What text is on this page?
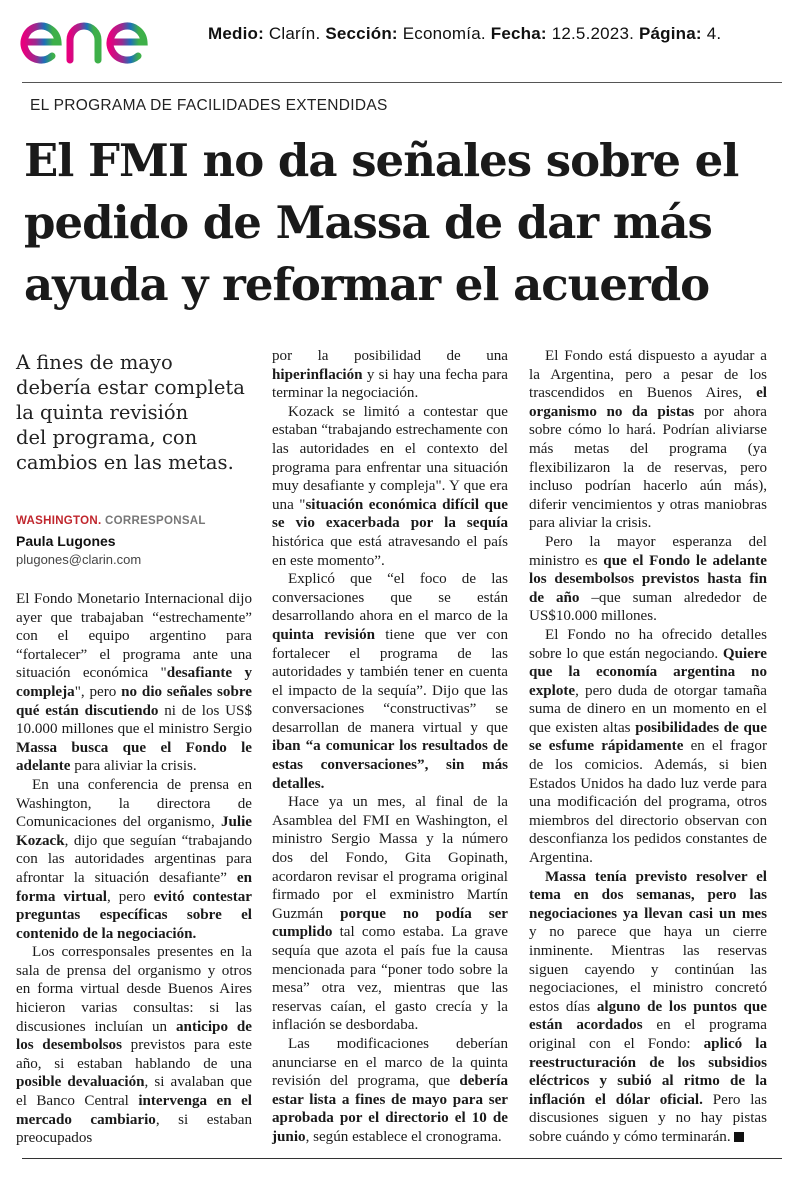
Medio: Clarín. Sección: Economía. Fecha: 12.5.2023. Página: 4.
EL PROGRAMA DE FACILIDADES EXTENDIDAS
El FMI no da señales sobre el
pedido de Massa de dar más
ayuda y reformar el acuerdo
A fines de mayo
debería estar completa
la quinta revisión
del programa, con
cambios en las metas.
WASHINGTON. CORRESPONSAL
Paula Lugones
plugones@clarin.com

El Fondo Monetario Internacional dijo ayer que trabajaban “estrechamente” con el equipo argentino para “fortalecer” el programa ante una situación económica "desafiante y compleja", pero no dio señales sobre qué están discutiendo ni de los US$ 10.000 millones que el ministro Sergio Massa busca que el Fondo le adelante para aliviar la crisis.

En una conferencia de prensa en Washington, la directora de Comunicaciones del organismo, Julie Kozack, dijo que seguían “trabajando con las autoridades argentinas para afrontar la situación desafiante” en forma virtual, pero evitó contestar preguntas específicas sobre el contenido de la negociación.

Los corresponsales presentes en la sala de prensa del organismo y otros en forma virtual desde Buenos Aires hicieron varias consultas: si las discusiones incluían un anticipo de los desembolsos previstos para este año, si estaban hablando de una posible devaluación, si avalaban que el Banco Central intervenga en el mercado cambiario, si estaban preocupados

por la posibilidad de una hiperinflación y si hay una fecha para terminar la negociación.

Kozack se limitó a contestar que estaban “trabajando estrechamente con las autoridades en el contexto del programa para enfrentar una situación muy desafiante y compleja". Y que era una "situación económica difícil que se vio exacerbada por la sequía histórica que está atravesando el país en este momento”.

Explicó que “el foco de las conversaciones que se están desarrollando ahora en el marco de la quinta revisión tiene que ver con fortalecer el programa de las autoridades y también tener en cuenta el impacto de la sequía”. Dijo que las conversaciones “constructivas” se desarrollan de manera virtual y que iban “a comunicar los resultados de estas conversaciones”, sin más detalles.

Hace ya un mes, al final de la Asamblea del FMI en Washington, el ministro Sergio Massa y la número dos del Fondo, Gita Gopinath, acordaron revisar el programa original firmado por el exministro Martín Guzmán porque no podía ser cumplido tal como estaba. La grave sequía que azota el país fue la causa mencionada para “poner todo sobre la mesa” otra vez, mientras que las reservas caían, el gasto crecía y la inflación se desbordaba.

Las modificaciones deberían anunciarse en el marco de la quinta revisión del programa, que debería estar lista a fines de mayo para ser aprobada por el directorio el 10 de junio, según establece el cronograma.

El Fondo está dispuesto a ayudar a la Argentina, pero a pesar de los trascendidos en Buenos Aires, el organismo no da pistas por ahora sobre cómo lo hará. Podrían aliviarse más metas del programa (ya flexibilizaron la de reservas, pero incluso podrían hacerlo aún más), diferir vencimientos y otras maniobras para aliviar la crisis.

Pero la mayor esperanza del ministro es que el Fondo le adelante los desembolsos previstos hasta fin de año –que suman alrededor de US$10.000 millones.

El Fondo no ha ofrecido detalles sobre lo que están negociando. Quiere que la economía argentina no explote, pero duda de otorgar tamaña suma de dinero en un momento en el que existen altas posibilidades de que se esfume rápidamente en el fragor de los comicios. Además, si bien Estados Unidos ha dado luz verde para una modificación del programa, otros miembros del directorio observan con desconfianza los pedidos constantes de Argentina.

Massa tenía previsto resolver el tema en dos semanas, pero las negociaciones ya llevan casi un mes y no parece que haya un cierre inminente. Mientras las reservas siguen cayendo y continúan las negociaciones, el ministro concretó estos días alguno de los puntos que están acordados en el programa original con el Fondo: aplicó la reestructuración de los subsidios eléctricos y subió al ritmo de la inflación el dólar oficial. Pero las discusiones siguen y no hay pistas sobre cuándo y cómo terminarán.
